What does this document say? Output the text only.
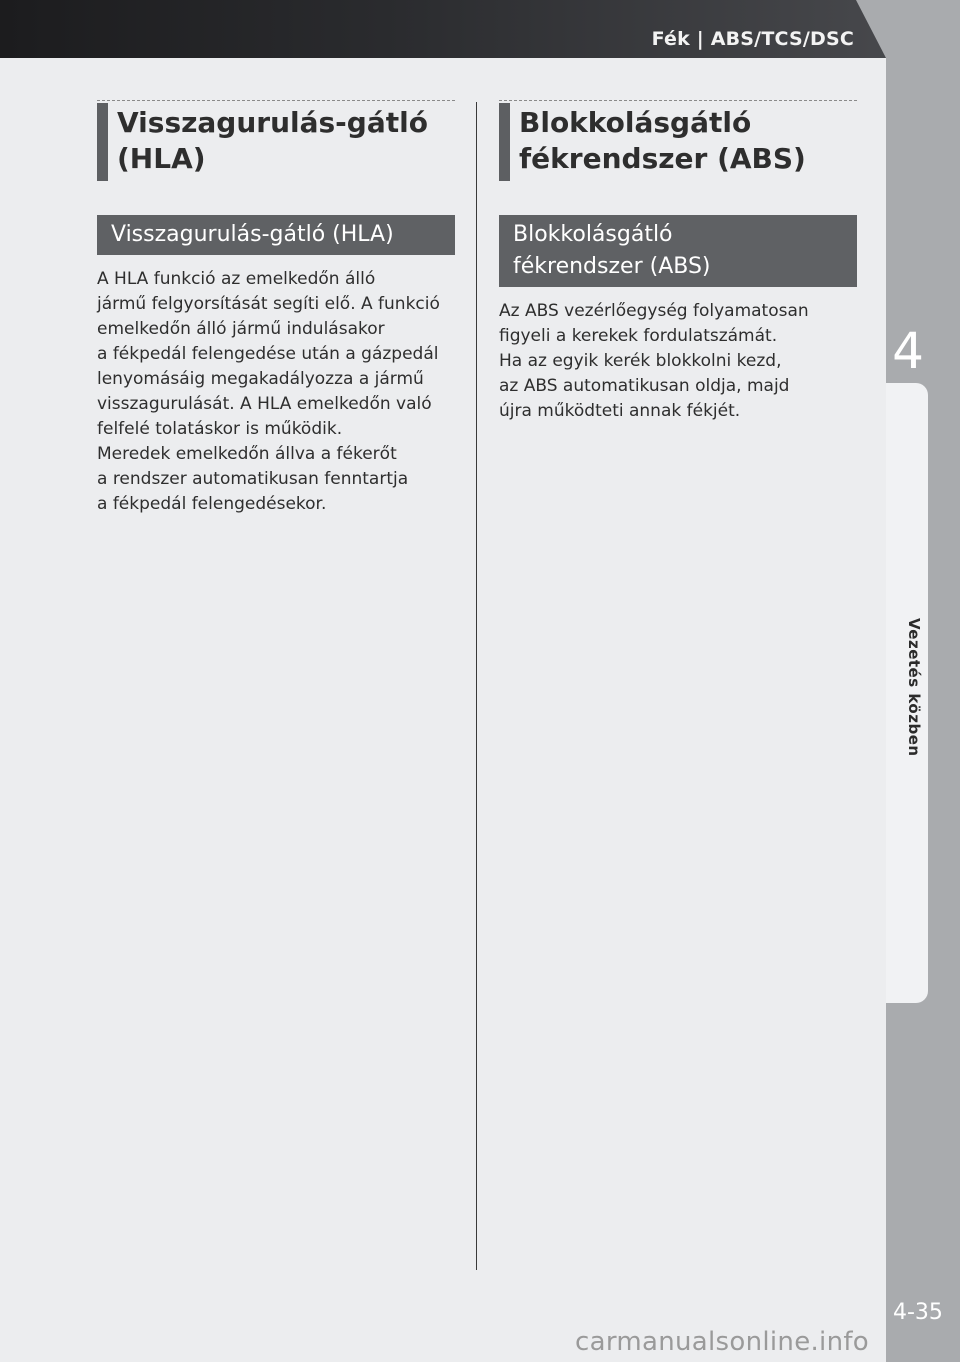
Fék | ABS/TCS/DSC
4
Vezetés közben
4-35
Visszagurulás-gátló
(HLA)
Visszagurulás-gátló (HLA)
A HLA funkció az emelkedőn álló
jármű felgyorsítását segíti elő. A funkció
emelkedőn álló jármű indulásakor
a fékpedál felengedése után a gázpedál
lenyomásáig megakadályozza a jármű
visszagurulását. A HLA emelkedőn való
felfelé tolatáskor is működik.
Meredek emelkedőn állva a fékerőt
a rendszer automatikusan fenntartja
a fékpedál felengedésekor.
Blokkolásgátló
fékrendszer (ABS)
Blokkolásgátló
fékrendszer (ABS)
Az ABS vezérlőegység folyamatosan
figyeli a kerekek fordulatszámát.
Ha az egyik kerék blokkolni kezd,
az ABS automatikusan oldja, majd
újra működteti annak fékjét.
carmanualsonline.info
